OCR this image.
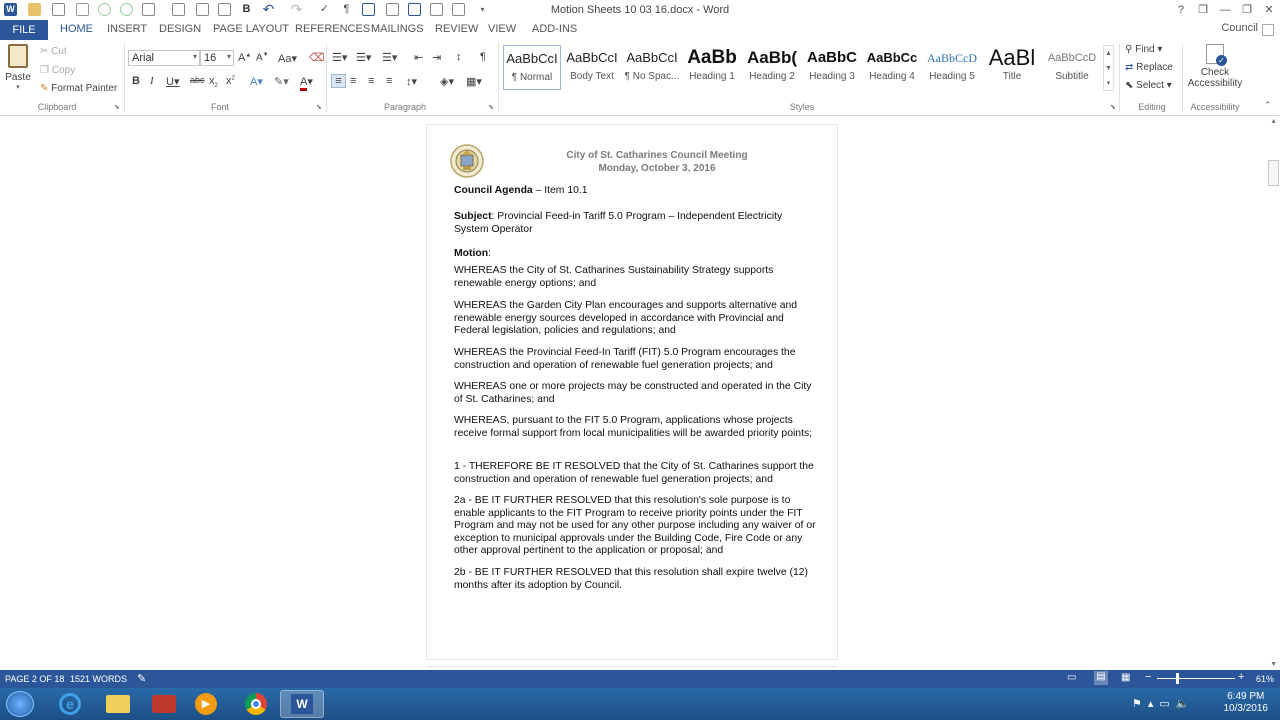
W	B ↶ ↷ ✓	¶	▾	Motion Sheets 10 03 16.docx - Word	?	❐	—	❐	✕
FILE	HOME INSERT DESIGN PAGE LAYOUT REFERENCES MAILINGS REVIEW VIEW ADD-INS	Council
Paste
▾
✂ Cut
❐ Copy
✎ Format Painter
Clipboard	⬊
Arial	▾ 16 ▾ A▲ A▼ Aa▾ ⌫
B I U▾ abc $x_2$ $x^2$ A▾ ✎▾ A▾
Font	⬊
☰▾ ☰▾ ☰▾ ⇤ ⇥ ↕ ¶
≡ ≡ ≡ ≡ ↕▾ ◈▾ ▦▾
Paragraph	⬊
AaBbCcI
¶ Normal
AaBbCcI
Body Text
AaBbCcI
¶ No Spac...
AaBb
Heading 1
AaBb(
Heading 2
AaBbC
Heading 3
AaBbCc
Heading 4
AaBbCcD
Heading 5
AaBl
Title
AaBbCcD
Subtitle
▲
▼
▾
Styles	⬊
⚲ Find ▾
⇄ Replace
⬉ Select ▾
Editing
✓
Check
Accessibility
Accessibility	⌃
City of St. Catharines Council Meeting
Monday, October 3, 2016
Council Agenda – Item 10.1
Subject: Provincial Feed-in Tariff 5.0 Program – Independent Electricity System Operator
Motion:
WHEREAS the City of St. Catharines Sustainability Strategy supports renewable energy options; and
WHEREAS the Garden City Plan encourages and supports alternative and renewable energy sources developed in accordance with Provincial and Federal legislation, policies and regulations; and
WHEREAS the Provincial Feed-In Tariff (FIT) 5.0 Program encourages the construction and operation of renewable fuel generation projects; and
WHEREAS one or more projects may be constructed and operated in the City of St. Catharines; and
WHEREAS, pursuant to the FIT 5.0 Program, applications whose projects receive formal support from local municipalities will be awarded priority points;
1 - THEREFORE BE IT RESOLVED that the City of St. Catharines support the construction and operation of renewable fuel generation projects; and
2a - BE IT FURTHER RESOLVED that this resolution's sole purpose is to enable applicants to the FIT Program to receive priority points under the FIT Program and may not be used for any other purpose including any waiver of or exception to municipal approvals under the Building Code, Fire Code or any other approval pertinent to the application or proposal; and
2b - BE IT FURTHER RESOLVED that this resolution shall expire twelve (12) months after its adoption by Council.
▲
▼
PAGE 2 OF 18 1521 WORDS ✎	▭ ▤ ▦ −	+ 61%
e	▶	W	⚑▴▭🔈
6:49 PM
10/3/2016
